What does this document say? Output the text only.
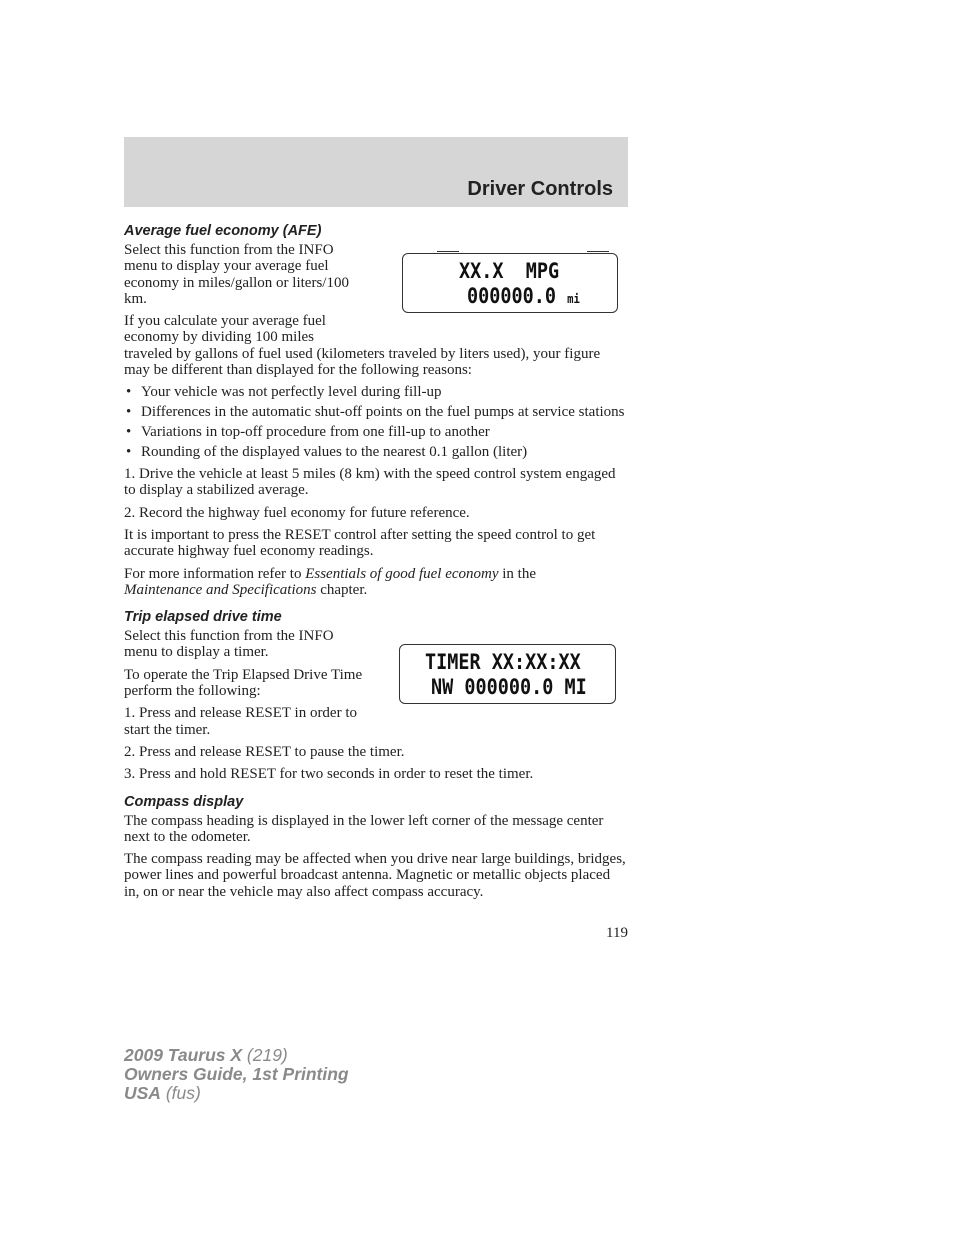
Driver Controls
Average fuel economy (AFE)

Select this function from the INFO menu to display your average fuel economy in miles/gallon or liters/100 km.

If you calculate your average fuel economy by dividing 100 miles
traveled by gallons of fuel used (kilometers traveled by liters used), your figure may be different than displayed for the following reasons:

• Your vehicle was not perfectly level during fill-up
• Differences in the automatic shut-off points on the fuel pumps at service stations
• Variations in top-off procedure from one fill-up to another
• Rounding of the displayed values to the nearest 0.1 gallon (liter)

1. Drive the vehicle at least 5 miles (8 km) with the speed control system engaged to display a stabilized average.

2. Record the highway fuel economy for future reference.

It is important to press the RESET control after setting the speed control to get accurate highway fuel economy readings.

For more information refer to Essentials of good fuel economy in the
Maintenance and Specifications chapter.

Trip elapsed drive time

Select this function from the INFO menu to display a timer.

To operate the Trip Elapsed Drive Time perform the following:

1. Press and release RESET in order to start the timer.

2. Press and release RESET to pause the timer.

3. Press and hold RESET for two seconds in order to reset the timer.

Compass display

The compass heading is displayed in the lower left corner of the message center next to the odometer.

The compass reading may be affected when you drive near large buildings, bridges, power lines and powerful broadcast antenna. Magnetic or metallic objects placed in, on or near the vehicle may also affect compass accuracy.

XX.X MPG
000000.0 mi
TIMER XX:XX:XX
NW 000000.0 MI
119
2009 Taurus X (219)
Owners Guide, 1st Printing
USA (fus)
